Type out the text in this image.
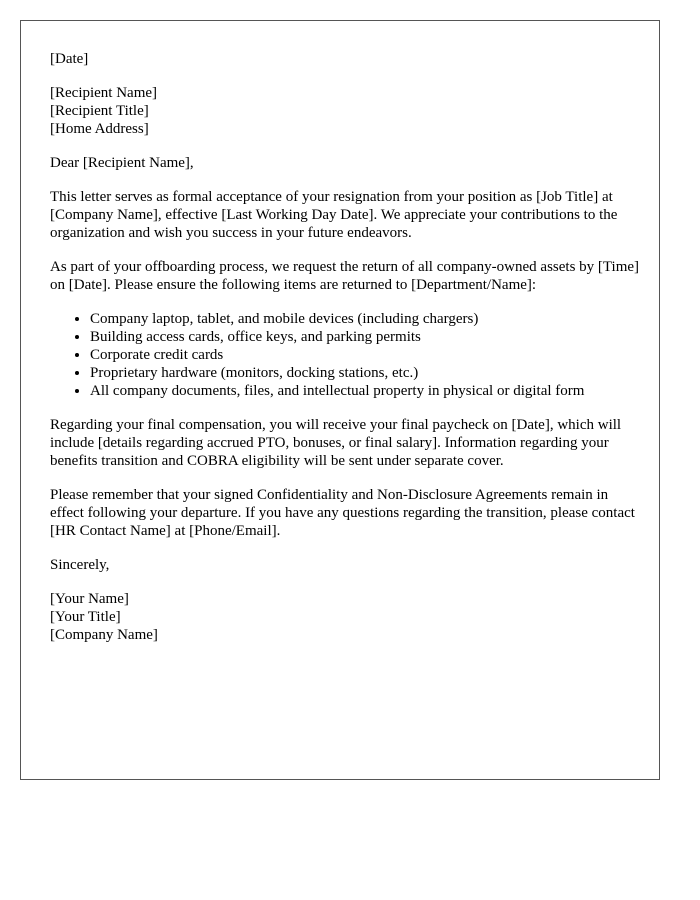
[Date]

[Recipient Name]
[Recipient Title]
[Home Address]

Dear [Recipient Name],

This letter serves as formal acceptance of your resignation from your position as [Job Title] at [Company Name], effective [Last Working Day Date]. We appreciate your contributions to the organization and wish you success in your future endeavors.

As part of your offboarding process, we request the return of all company-owned assets by [Time] on [Date]. Please ensure the following items are returned to [Department/Name]:

• Company laptop, tablet, and mobile devices (including chargers)
• Building access cards, office keys, and parking permits
• Corporate credit cards
• Proprietary hardware (monitors, docking stations, etc.)
• All company documents, files, and intellectual property in physical or digital form

Regarding your final compensation, you will receive your final paycheck on [Date], which will include [details regarding accrued PTO, bonuses, or final salary]. Information regarding your benefits transition and COBRA eligibility will be sent under separate cover.

Please remember that your signed Confidentiality and Non-Disclosure Agreements remain in effect following your departure. If you have any questions regarding the transition, please contact [HR Contact Name] at [Phone/Email].

Sincerely,

[Your Name]
[Your Title]
[Company Name]
